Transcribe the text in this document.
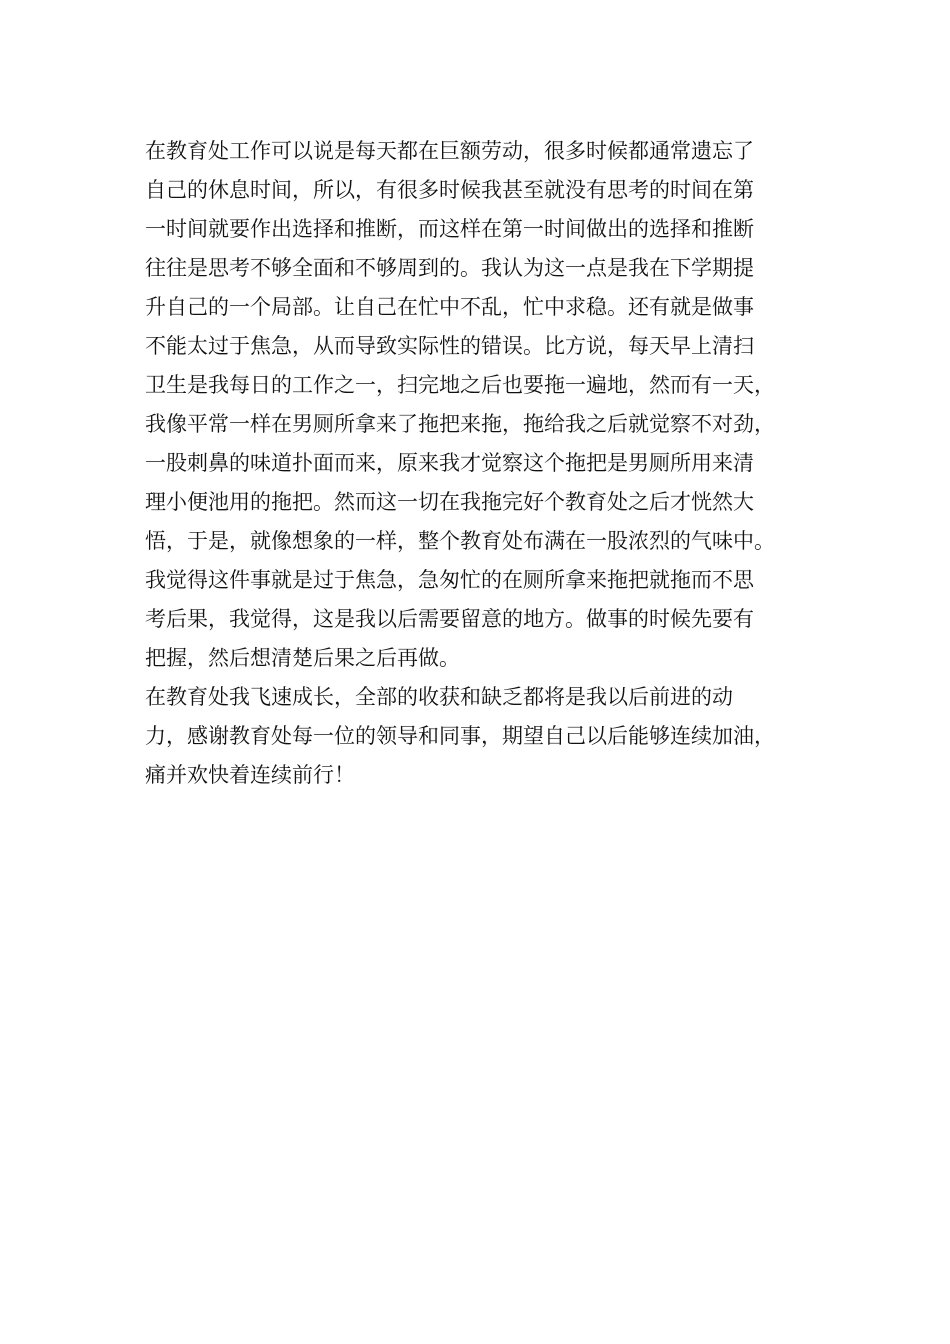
在教育处工作可以说是每天都在巨额劳动，很多时候都通常遗忘了
自己的休息时间，所以，有很多时候我甚至就没有思考的时间在第
一时间就要作出选择和推断，而这样在第一时间做出的选择和推断
往往是思考不够全面和不够周到的。我认为这一点是我在下学期提
升自己的一个局部。让自己在忙中不乱，忙中求稳。还有就是做事
不能太过于焦急，从而导致实际性的错误。比方说，每天早上清扫
卫生是我每日的工作之一，扫完地之后也要拖一遍地，然而有一天，
我像平常一样在男厕所拿来了拖把来拖，拖给我之后就觉察不对劲，
一股刺鼻的味道扑面而来，原来我才觉察这个拖把是男厕所用来清
理小便池用的拖把。然而这一切在我拖完好个教育处之后才恍然大
悟，于是，就像想象的一样，整个教育处布满在一股浓烈的气味中。
我觉得这件事就是过于焦急，急匆忙的在厕所拿来拖把就拖而不思
考后果，我觉得，这是我以后需要留意的地方。做事的时候先要有
把握，然后想清楚后果之后再做。
在教育处我飞速成长，全部的收获和缺乏都将是我以后前进的动
力，感谢教育处每一位的领导和同事，期望自己以后能够连续加油，
痛并欢快着连续前行！
